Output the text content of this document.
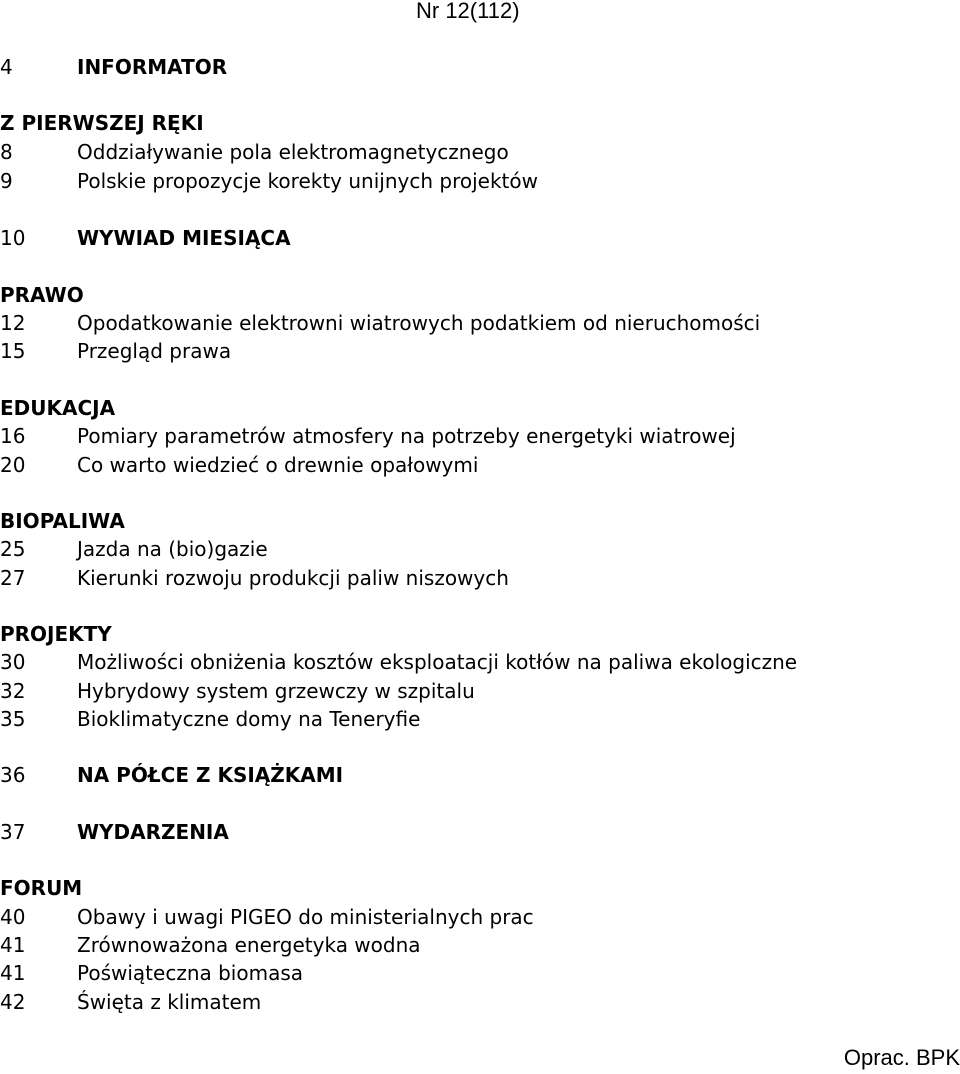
Nr 12(112)

4	INFORMATOR
Z PIERWSZEJ RĘKI
8	Oddziaływanie pola elektromagnetycznego
9	Polskie propozycje korekty unijnych projektów
10	WYWIAD MIESIĄCA
PRAWO
12	Opodatkowanie elektrowni wiatrowych podatkiem od nieruchomości
15	Przegląd prawa
EDUKACJA
16	Pomiary parametrów atmosfery na potrzeby energetyki wiatrowej
20	Co warto wiedzieć o drewnie opałowymi
BIOPALIWA
25	Jazda na (bio)gazie
27	Kierunki rozwoju produkcji paliw niszowych
PROJEKTY
30	Możliwości obniżenia kosztów eksploatacji kotłów na paliwa ekologiczne
32	Hybrydowy system grzewczy w szpitalu
35	Bioklimatyczne domy na Teneryfie
36	NA PÓŁCE Z KSIĄŻKAMI
37	WYDARZENIA
FORUM
40	Obawy i uwagi PIGEO do ministerialnych prac
41	Zrównoważona energetyka wodna
41	Poświąteczna biomasa
42	Święta z klimatem

Oprac. BPK
